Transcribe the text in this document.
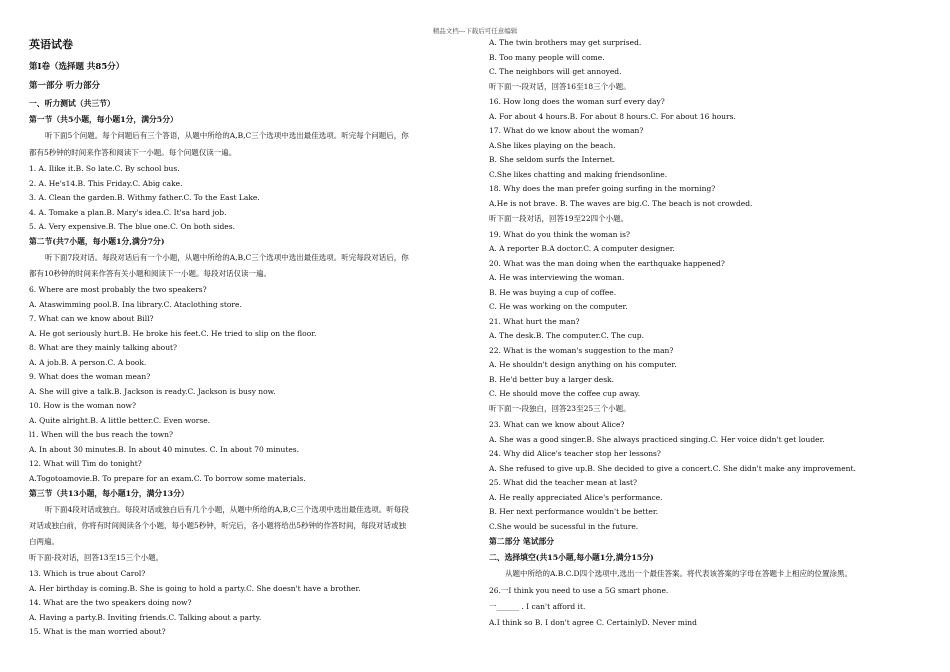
精品文档---下载后可任意编辑
英语试卷
第Ⅰ卷（选择题 共85分）
第一部分 听力部分
一、听力测试（共三节）
第一节（共5小题，每小题1分，满分5分）
听下面5个问题。每个问题后有三个答语，从题中所给的A,B,C三个选项中选出最佳选项。听完每个问题后，你
都有5秒钟的时间来作答和阅读下一小题。每个问题仅读一遍。
1. A. Ilike it.B. So late.C. By school bus.
2. A. He's14.B. This Friday.C. Abig cake.
3. A. Clean the garden.B. Withmy father.C. To the East Lake.
4. A. Tomake a plan.B. Mary's idea.C. It'sa hard job.
5. A. Very expensive.B. The blue one.C. On both sides.
第二节(共7小题，每小题1分,满分7分)
听下面7段对话。每段对话后有一个小题，从题中所给的A,B,C三个选项中选出最佳选项。听完每段对话后，你
都有10秒钟的时间来作答有关小题和阅读下一小题。每段对话仅读一遍。
6. Where are most probably the two speakers?
A. Ataswimming pool.B. Ina library.C. Ataclothing store.
7. What can we know about Bill?
A. He got seriously hurt.B. He broke his feet.C. He tried to slip on the floor.
8. What are they mainly talking about?
A. A job.B. A person.C. A book.
9. What does the woman mean?
A. She will give a talk.B. Jackson is ready.C. Jackson is busy now.
10. How is the woman now?
A. Quite alright.B. A little better.C. Even worse.
l1. When will the bus reach the town?
A. In about 30 minutes.B. In about 40 minutes. C. In about 70 minutes.
12. What will Tim do tonight?
A.Togotoamovie.B. To prepare for an exam.C. To borrow some materials.
第三节（共13小题，每小题1分，满分13分）
听下面4段对话或独白。每段对话或独白后有几个小题，从题中所给的A,B,C三个选项中选出最佳选项。听每段
对话或独白前，你将有时间阅读各个小题，每小题5秒钟，听完后，各小题将给出5秒钟的作答时间，每段对话或独
白两遍。
听下面-段对话，回答13至15三个小题。
13. Which is true about Carol?
A. Her birthday is coming.B. She is going to hold a party.C. She doesn't have a brother.
14. What are the two speakers doing now?
A. Having a party.B. Inviting friends.C. Talking about a party.
15. What is the man worried about?
A. The twin brothers may get surprised.
B. Too many people will come.
C. The neighbors will get annoyed.
听下面一-段对话，回答16至18三个小题。
16. How long does the woman surf every day?
A. For about 4 hours.B. For about 8 hours.C. For about 16 hours.
17. What do we know about the woman?
A.She likes playing on the beach.
B. She seldom surfs the Internet.
C.She likes chatting and making friendsonline.
18. Why does the man prefer going surfing in the morning?
A.He is not brave. B. The waves are big.C. The beach is not crowded.
听下面一段对话，回答19至22四个小题。
19. What do you think the woman is?
A. A reporter B.A doctor.C. A computer designer.
20. What was the man doing when the earthquake happened?
A. He was interviewing the woman.
B. He was buying a cup of coffee.
C. He was working on the computer.
21. What hurt the man?
A. The desk.B. The computer.C. The cup.
22. What is the woman's suggestion to the man?
A. He shouldn't design anything on his computer.
B. He'd better buy a larger desk.
C. He should move the coffee cup away.
听下面一-段独白，回答23至25三个小题。
23. What can we know about Alice?
A. She was a good singer.B. She always practiced singing.C. Her voice didn't get louder.
24. Why did Alice's teacher stop her lessons?
A. She refused to give up.B. She decided to give a concert.C. She didn't make any improvement.
25. What did the teacher mean at last?
A. He really appreciated Alice's performance.
B. Her next performance wouldn't be better.
C.She would be sucessful in the future.
第二部分 笔试部分
二、选择填空(共15小题,每小题1分,满分15分)
从题中所给的A.B.C.D四个选项中,选出一个最佳答案。将代表该答案的字母在答题卡上相应的位置涂黑。
26.一I think you need to use a 5G smart phone.
一______ . I can't afford it.
A.I think so B. I don't agree C. CertainlyD. Never mind
